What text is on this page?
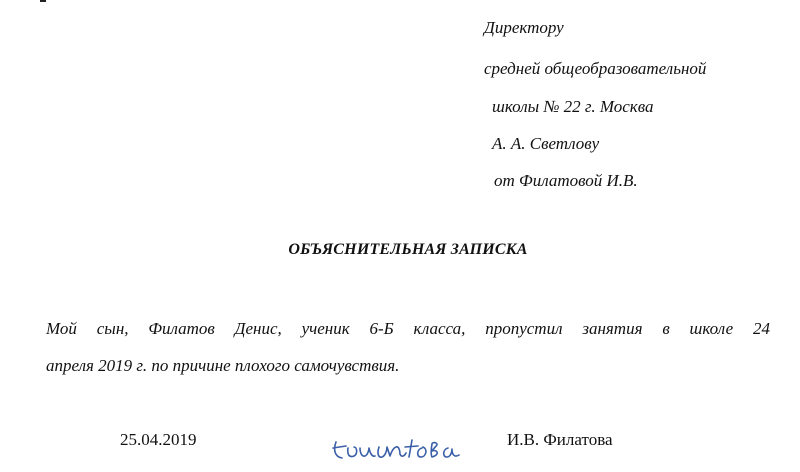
Директору
средней общеобразовательной
школы № 22 г. Москва
А. А. Светлову
от Филатовой И.В.
ОБЪЯСНИТЕЛЬНАЯ ЗАПИСКА
Мой сын, Филатов Денис, ученик 6-Б класса, пропустил занятия в школе 24
апреля 2019 г. по причине плохого самочувствия.
25.04.2019	И.В. Филатова
